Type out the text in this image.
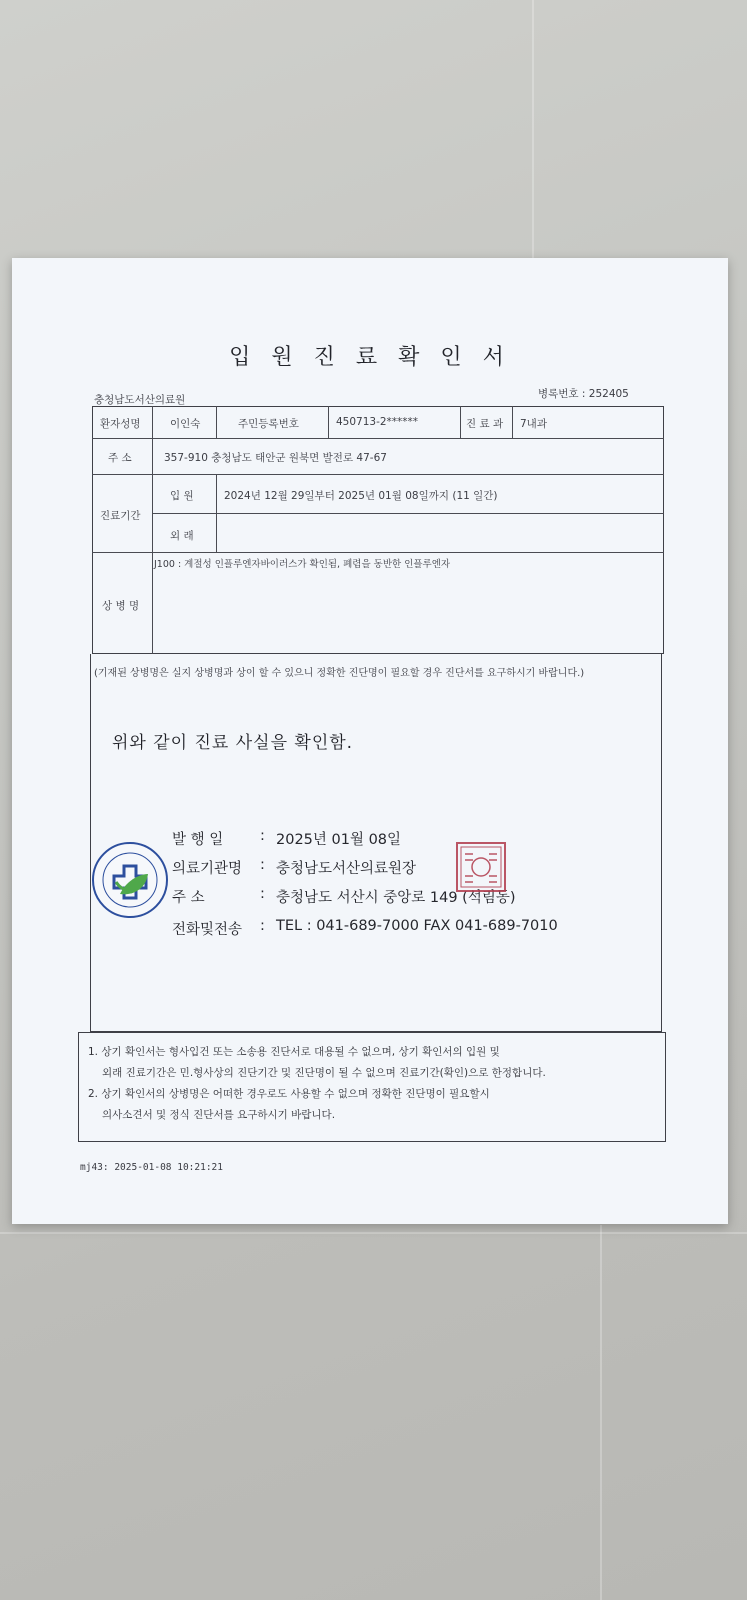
입 원 진 료 확 인 서
충청남도서산의료원	병록번호 : 252405
환자성명	이인숙	주민등록번호	450713-2******	진 료 과 7내과
주 소	357-910 충청남도 태안군 원북면 발전로 47-67
진료기간
입 원	2024년 12월 29일부터 2025년 01월 08일까지 (11 일간)
외 래
상 병 명
J100 : 계절성 인플루엔자바이러스가 확인됨, 폐렴을 동반한 인플루엔자
(기재된 상병명은 실지 상병명과 상이 할 수 있으니 정확한 진단명이 필요할 경우 진단서를 요구하시기 바랍니다.)
위와 같이 진료 사실을 확인함.
발 행 일	: 2025년 01월 08일
의료기관명 : 충청남도서산의료원장
주 소	: 충청남도 서산시 중앙로 149 (석림동)
전화및전송 : TEL : 041-689-7000 FAX 041-689-7010
1. 상기 확인서는 형사입건 또는 소송용 진단서로 대용될 수 없으며, 상기 확인서의 입원 및
외래 진료기간은 민.형사상의 진단기간 및 진단명이 될 수 없으며 진료기간(확인)으로 한정합니다.
2. 상기 확인서의 상병명은 어떠한 경우로도 사용할 수 없으며 정확한 진단명이 필요할시
의사소견서 및 정식 진단서를 요구하시기 바랍니다.
mj43: 2025-01-08 10:21:21
